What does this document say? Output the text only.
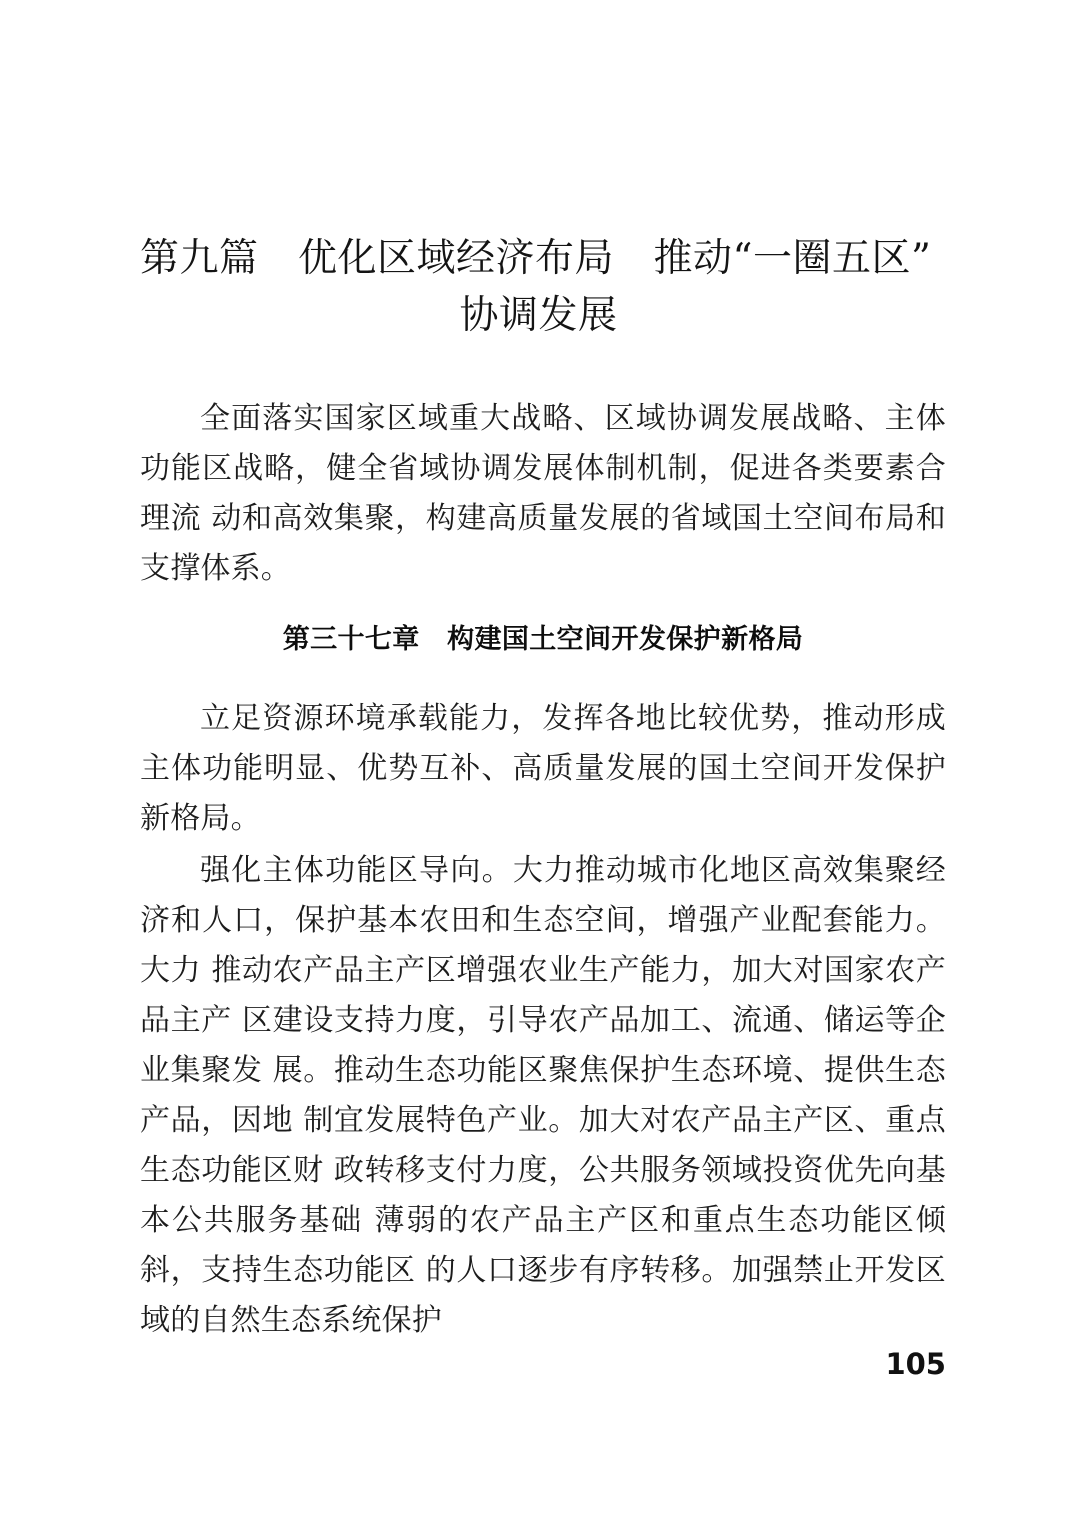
第九篇　优化区域经济布局　推动“一圈五区”
协调发展

全面落实国家区域重大战略、区域协调发展战略、主体功能区战略，健全省域协调发展体制机制，促进各类要素合理流 动和高效集聚，构建高质量发展的省域国土空间布局和支撑体系。

第三十七章　构建国土空间开发保护新格局

立足资源环境承载能力，发挥各地比较优势，推动形成主体功能明显、优势互补、高质量发展的国土空间开发保护新格局。

强化主体功能区导向。大力推动城市化地区高效集聚经济和人口，保护基本农田和生态空间，增强产业配套能力。大力 推动农产品主产区增强农业生产能力，加大对国家农产品主产 区建设支持力度，引导农产品加工、流通、储运等企业集聚发 展。推动生态功能区聚焦保护生态环境、提供生态产品，因地 制宜发展特色产业。加大对农产品主产区、重点生态功能区财 政转移支付力度，公共服务领域投资优先向基本公共服务基础 薄弱的农产品主产区和重点生态功能区倾斜，支持生态功能区 的人口逐步有序转移。加强禁止开发区域的自然生态系统保护

105
